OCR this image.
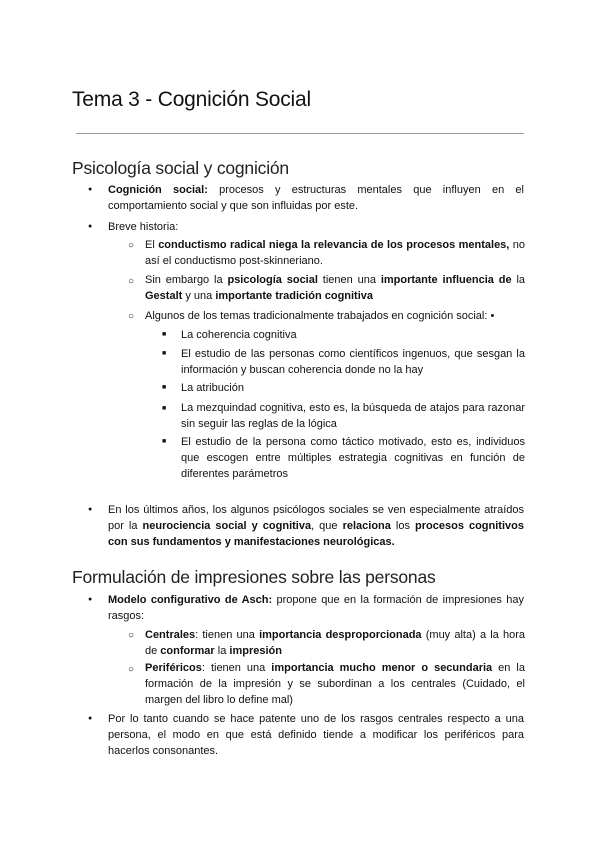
Tema 3 - Cognición Social
Psicología social y cognición
●
Cognición social: procesos y estructuras mentales que influyen en el comportamiento social y que son influidas por este.
●
Breve historia:
○
El conductismo radical niega la relevancia de los procesos mentales, no así el conductismo post-skinneriano.
○
Sin embargo la psicología social tienen una importante influencia de la Gestalt y una importante tradición cognitiva
○
Algunos de los temas tradicionalmente trabajados en cognición social: •
■
La coherencia cognitiva
■
El estudio de las personas como científicos ingenuos, que sesgan la información y buscan coherencia donde no la hay
■
La atribución
■
La mezquindad cognitiva, esto es, la búsqueda de atajos para razonar sin seguir las reglas de la lógica
■
El estudio de la persona como táctico motivado, esto es, individuos que escogen entre múltiples estrategia cognitivas en función de diferentes parámetros
●
En los últimos años, los algunos psicólogos sociales se ven especialmente atraídos por la neurociencia social y cognitiva, que relaciona los procesos cognitivos con sus fundamentos y manifestaciones neurológicas.
Formulación de impresiones sobre las personas
●
Modelo configurativo de Asch: propone que en la formación de impresiones hay rasgos:
○
Centrales: tienen una importancia desproporcionada (muy alta) a la hora de conformar la impresión
○
Periféricos: tienen una importancia mucho menor o secundaria en la formación de la impresión y se subordinan a los centrales (Cuidado, el margen del libro lo define mal)
●
Por lo tanto cuando se hace patente uno de los rasgos centrales respecto a una persona, el modo en que está definido tiende a modificar los periféricos para hacerlos consonantes.
